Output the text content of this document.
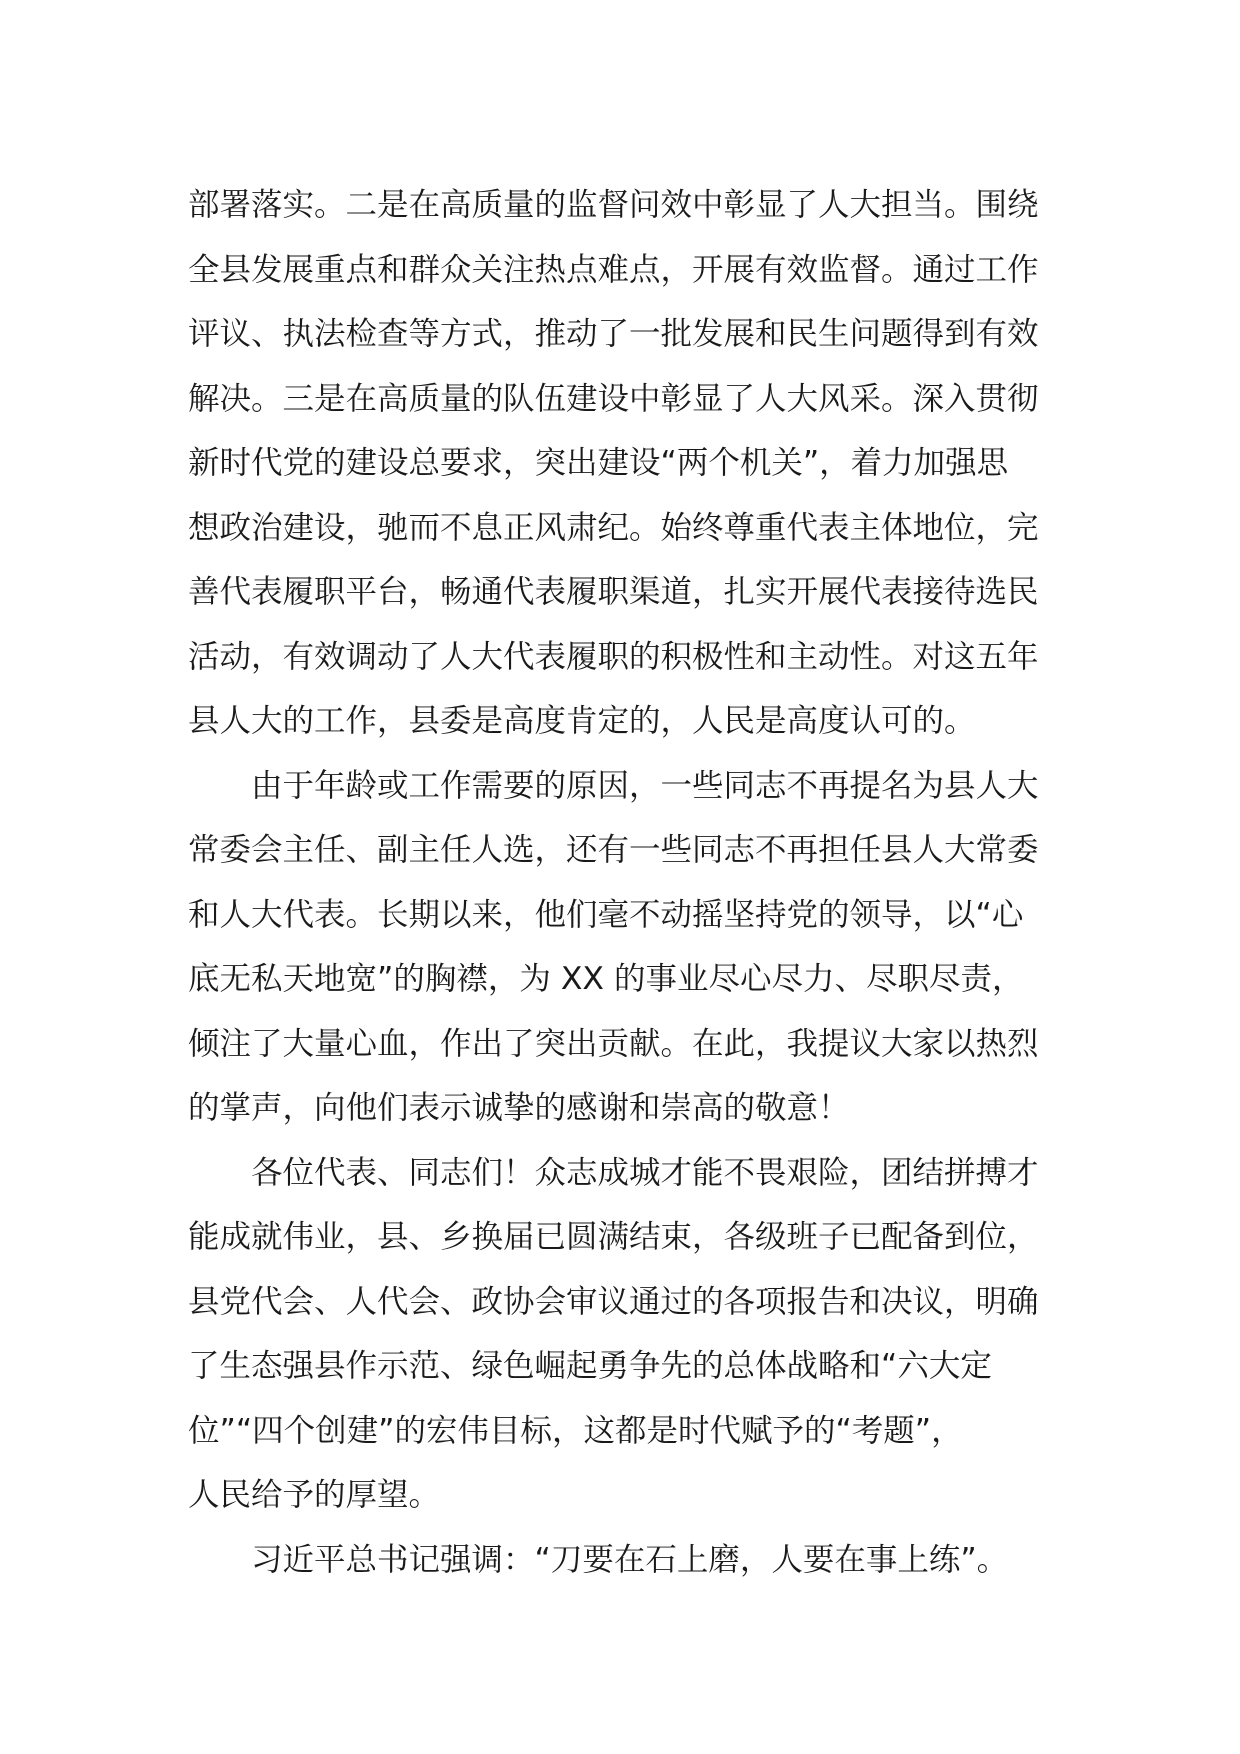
部署落实。二是在高质量的监督问效中彰显了人大担当。围绕
全县发展重点和群众关注热点难点，开展有效监督。通过工作
评议、执法检查等方式，推动了一批发展和民生问题得到有效
解决。三是在高质量的队伍建设中彰显了人大风采。深入贯彻
新时代党的建设总要求，突出建设“两个机关”，着力加强思
想政治建设，驰而不息正风肃纪。始终尊重代表主体地位，完
善代表履职平台，畅通代表履职渠道，扎实开展代表接待选民
活动，有效调动了人大代表履职的积极性和主动性。对这五年
县人大的工作，县委是高度肯定的，人民是高度认可的。
由于年龄或工作需要的原因，一些同志不再提名为县人大
常委会主任、副主任人选，还有一些同志不再担任县人大常委
和人大代表。长期以来，他们毫不动摇坚持党的领导，以“心
底无私天地宽”的胸襟，为 XX 的事业尽心尽力、尽职尽责，
倾注了大量心血，作出了突出贡献。在此，我提议大家以热烈
的掌声，向他们表示诚挚的感谢和崇高的敬意！
各位代表、同志们！众志成城才能不畏艰险，团结拼搏才
能成就伟业，县、乡换届已圆满结束，各级班子已配备到位，
县党代会、人代会、政协会审议通过的各项报告和决议，明确
了生态强县作示范、绿色崛起勇争先的总体战略和“六大定
位”“四个创建”的宏伟目标，这都是时代赋予的“考题”，
人民给予的厚望。
习近平总书记强调：“刀要在石上磨，人要在事上练”。
